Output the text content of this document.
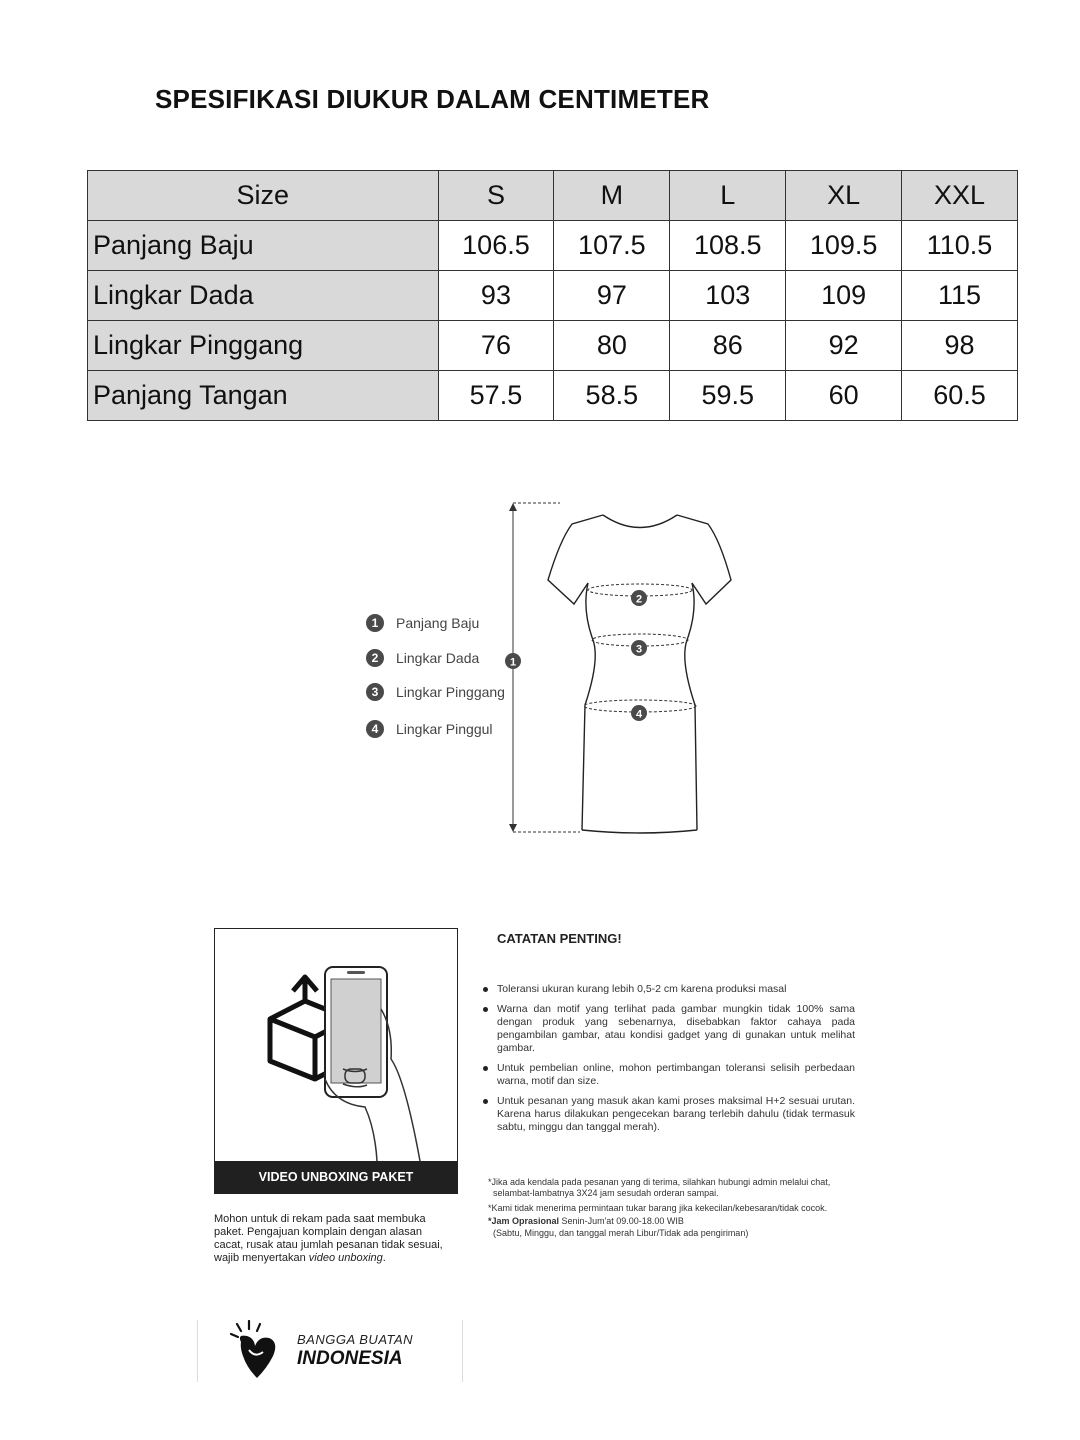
SPESIFIKASI DIUKUR DALAM CENTIMETER
Size	S	M	L	XL	XXL
Panjang Baju	106.5	107.5	108.5	109.5	110.5
Lingkar Dada	93	97	103	109	115
Lingkar Pinggang	76	80	86	92	98
Panjang Tangan	57.5	58.5	59.5	60	60.5
1
2
3
4
1	Panjang Baju
2	Lingkar Dada
3	Lingkar Pinggang
4	Lingkar Pinggul
VIDEO UNBOXING PAKET
Mohon untuk di rekam pada saat membuka
paket. Pengajuan komplain dengan alasan
cacat, rusak atau jumlah pesanan tidak sesuai,
wajib menyertakan video unboxing.
CATATAN PENTING!
Toleransi ukuran kurang lebih 0,5-2 cm karena produksi masal
Warna dan motif yang terlihat pada gambar mungkin tidak 100% sama dengan produk yang sebenarnya, disebabkan faktor cahaya pada pengambilan gambar, atau kondisi gadget yang di gunakan untuk melihat gambar.
Untuk pembelian online, mohon pertimbangan toleransi selisih perbedaan warna, motif dan size.
Untuk pesanan yang masuk akan kami proses maksimal H+2 sesuai urutan. Karena harus dilakukan pengecekan barang terlebih dahulu (tidak termasuk sabtu, minggu dan tanggal merah).
*Jika ada kendala pada pesanan yang di terima, silahkan hubungi admin melalui chat,
selambat-lambatnya 3X24 jam sesudah orderan sampai.
*Kami tidak menerima permintaan tukar barang jika kekecilan/kebesaran/tidak cocok.
*Jam Oprasional Senin-Jum'at 09.00-18.00 WIB
(Sabtu, Minggu, dan tanggal merah Libur/Tidak ada pengiriman)
BANGGA BUATAN
INDONESIA
